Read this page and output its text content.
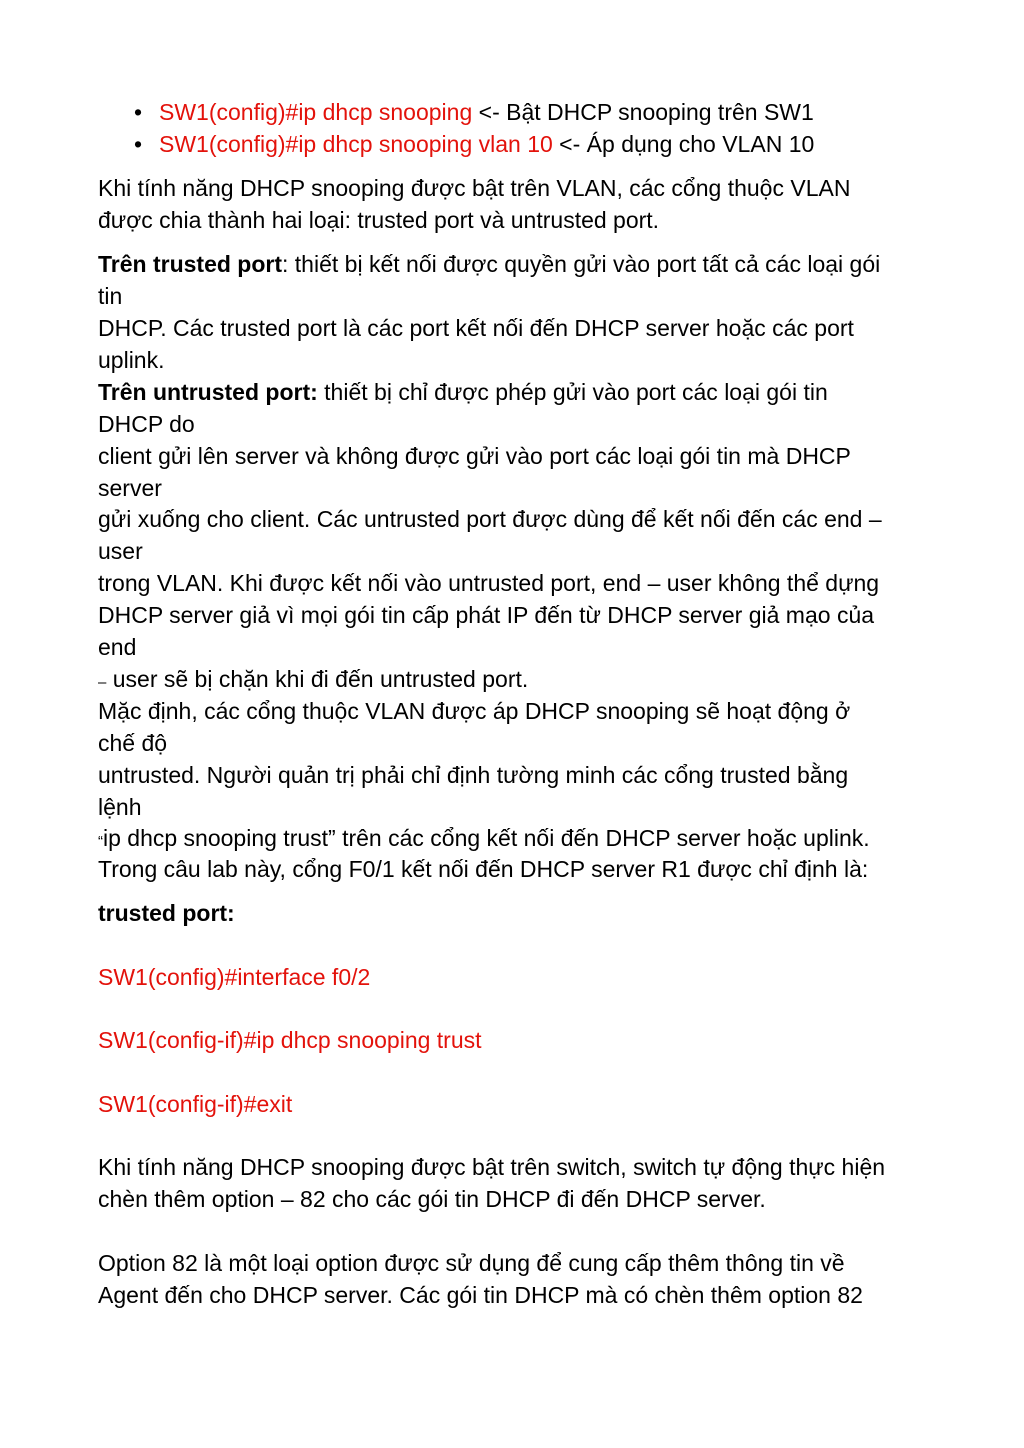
• SW1(config)#ip dhcp snooping <- Bật DHCP snooping trên SW1
• SW1(config)#ip dhcp snooping vlan 10 <- Áp dụng cho VLAN 10
Khi tính năng DHCP snooping được bật trên VLAN, các cổng thuộc VLAN
được chia thành hai loại: trusted port và untrusted port.
Trên trusted port: thiết bị kết nối được quyền gửi vào port tất cả các loại gói
tin
DHCP. Các trusted port là các port kết nối đến DHCP server hoặc các port
uplink.
Trên untrusted port: thiết bị chỉ được phép gửi vào port các loại gói tin
DHCP do
client gửi lên server và không được gửi vào port các loại gói tin mà DHCP
server
gửi xuống cho client. Các untrusted port được dùng để kết nối đến các end –
user
trong VLAN. Khi được kết nối vào untrusted port, end – user không thể dựng
DHCP server giả vì mọi gói tin cấp phát IP đến từ DHCP server giả mạo của
end
– user sẽ bị chặn khi đi đến untrusted port.
Mặc định, các cổng thuộc VLAN được áp DHCP snooping sẽ hoạt động ở
chế độ
untrusted. Người quản trị phải chỉ định tường minh các cổng trusted bằng
lệnh
“ip dhcp snooping trust” trên các cổng kết nối đến DHCP server hoặc uplink.
Trong câu lab này, cổng F0/1 kết nối đến DHCP server R1 được chỉ định là:
trusted port:
SW1(config)#interface f0/2
SW1(config-if)#ip dhcp snooping trust
SW1(config-if)#exit
Khi tính năng DHCP snooping được bật trên switch, switch tự động thực hiện
chèn thêm option – 82 cho các gói tin DHCP đi đến DHCP server.
Option 82 là một loại option được sử dụng để cung cấp thêm thông tin về
Agent đến cho DHCP server. Các gói tin DHCP mà có chèn thêm option 82
